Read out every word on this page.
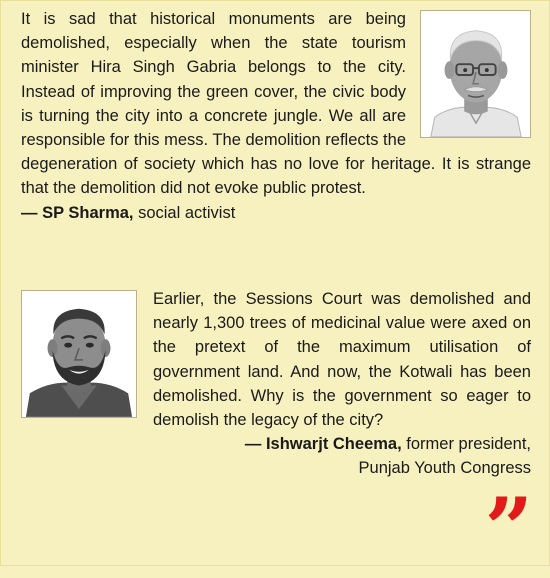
It is sad that historical monuments are being demolished, especially when the state tourism minister Hira Singh Gabria belongs to the city. Instead of improving the green cover, the civic body is turning the city into a concrete jungle. We all are responsible for this mess. The demolition reflects the degeneration of society which has no love for heritage. It is strange that the demolition did not evoke public protest.
— SP Sharma, social activist
Earlier, the Sessions Court was demolished and nearly 1,300 trees of medicinal value were axed on the pretext of the maximum utilisation of government land. And now, the Kotwali has been demolished. Why is the government so eager to demolish the legacy of the city?
— Ishwarjt Cheema, former president,
Punjab Youth Congress
”
